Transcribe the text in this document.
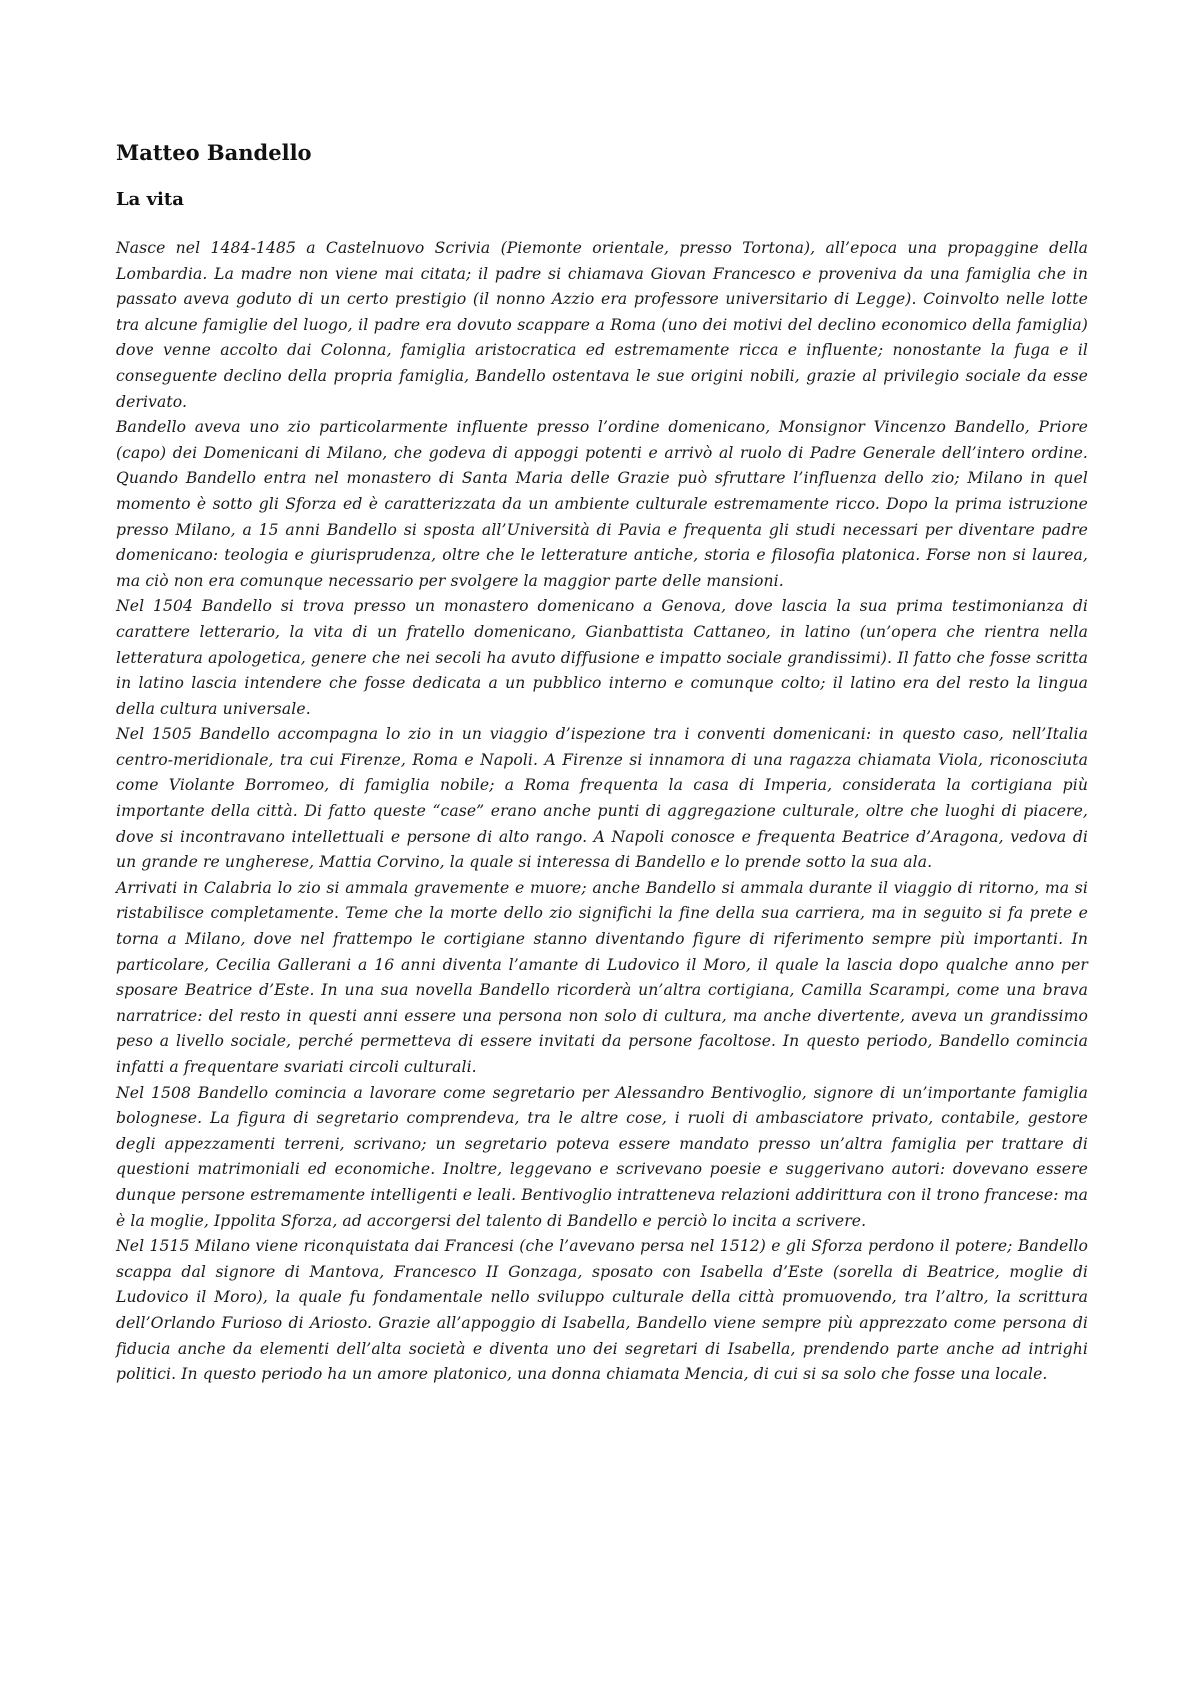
Matteo Bandello
La vita

Nasce nel 1484-1485 a Castelnuovo Scrivia (Piemonte orientale, presso Tortona), all’epoca una propaggine della Lombardia. La madre non viene mai citata; il padre si chiamava Giovan Francesco e proveniva da una famiglia che in passato aveva goduto di un certo prestigio (il nonno Azzio era professore universitario di Legge). Coinvolto nelle lotte tra alcune famiglie del luogo, il padre era dovuto scappare a Roma (uno dei motivi del declino economico della famiglia) dove venne accolto dai Colonna, famiglia aristocratica ed estremamente ricca e influente; nonostante la fuga e il conseguente declino della propria famiglia, Bandello ostentava le sue origini nobili, grazie al privilegio sociale da esse derivato.

Bandello aveva uno zio particolarmente influente presso l’ordine domenicano, Monsignor Vincenzo Bandello, Priore (capo) dei Domenicani di Milano, che godeva di appoggi potenti e arrivò al ruolo di Padre Generale dell’intero ordine. Quando Bandello entra nel monastero di Santa Maria delle Grazie può sfruttare l’influenza dello zio; Milano in quel momento è sotto gli Sforza ed è caratterizzata da un ambiente culturale estremamente ricco. Dopo la prima istruzione presso Milano, a 15 anni Bandello si sposta all’Università di Pavia e frequenta gli studi necessari per diventare padre domenicano: teologia e giurisprudenza, oltre che le letterature antiche, storia e filosofia platonica. Forse non si laurea, ma ciò non era comunque necessario per svolgere la maggior parte delle mansioni.

Nel 1504 Bandello si trova presso un monastero domenicano a Genova, dove lascia la sua prima testimonianza di carattere letterario, la vita di un fratello domenicano, Gianbattista Cattaneo, in latino (un’opera che rientra nella letteratura apologetica, genere che nei secoli ha avuto diffusione e impatto sociale grandissimi). Il fatto che fosse scritta in latino lascia intendere che fosse dedicata a un pubblico interno e comunque colto; il latino era del resto la lingua della cultura universale.

Nel 1505 Bandello accompagna lo zio in un viaggio d’ispezione tra i conventi domenicani: in questo caso, nell’Italia centro-meridionale, tra cui Firenze, Roma e Napoli. A Firenze si innamora di una ragazza chiamata Viola, riconosciuta come Violante Borromeo, di famiglia nobile; a Roma frequenta la casa di Imperia, considerata la cortigiana più importante della città. Di fatto queste “case” erano anche punti di aggregazione culturale, oltre che luoghi di piacere, dove si incontravano intellettuali e persone di alto rango. A Napoli conosce e frequenta Beatrice d’Aragona, vedova di un grande re ungherese, Mattia Corvino, la quale si interessa di Bandello e lo prende sotto la sua ala.

Arrivati in Calabria lo zio si ammala gravemente e muore; anche Bandello si ammala durante il viaggio di ritorno, ma si ristabilisce completamente. Teme che la morte dello zio significhi la fine della sua carriera, ma in seguito si fa prete e torna a Milano, dove nel frattempo le cortigiane stanno diventando figure di riferimento sempre più importanti. In particolare, Cecilia Gallerani a 16 anni diventa l’amante di Ludovico il Moro, il quale la lascia dopo qualche anno per sposare Beatrice d’Este. In una sua novella Bandello ricorderà un’altra cortigiana, Camilla Scarampi, come una brava narratrice: del resto in questi anni essere una persona non solo di cultura, ma anche divertente, aveva un grandissimo peso a livello sociale, perché permetteva di essere invitati da persone facoltose. In questo periodo, Bandello comincia infatti a frequentare svariati circoli culturali.

Nel 1508 Bandello comincia a lavorare come segretario per Alessandro Bentivoglio, signore di un’importante famiglia bolognese. La figura di segretario comprendeva, tra le altre cose, i ruoli di ambasciatore privato, contabile, gestore degli appezzamenti terreni, scrivano; un segretario poteva essere mandato presso un’altra famiglia per trattare di questioni matrimoniali ed economiche. Inoltre, leggevano e scrivevano poesie e suggerivano autori: dovevano essere dunque persone estremamente intelligenti e leali. Bentivoglio intratteneva relazioni addirittura con il trono francese: ma è la moglie, Ippolita Sforza, ad accorgersi del talento di Bandello e perciò lo incita a scrivere.

Nel 1515 Milano viene riconquistata dai Francesi (che l’avevano persa nel 1512) e gli Sforza perdono il potere; Bandello scappa dal signore di Mantova, Francesco II Gonzaga, sposato con Isabella d’Este (sorella di Beatrice, moglie di Ludovico il Moro), la quale fu fondamentale nello sviluppo culturale della città promuovendo, tra l’altro, la scrittura dell’Orlando Furioso di Ariosto. Grazie all’appoggio di Isabella, Bandello viene sempre più apprezzato come persona di fiducia anche da elementi dell’alta società e diventa uno dei segretari di Isabella, prendendo parte anche ad intrighi politici. In questo periodo ha un amore platonico, una donna chiamata Mencia, di cui si sa solo che fosse una locale.
